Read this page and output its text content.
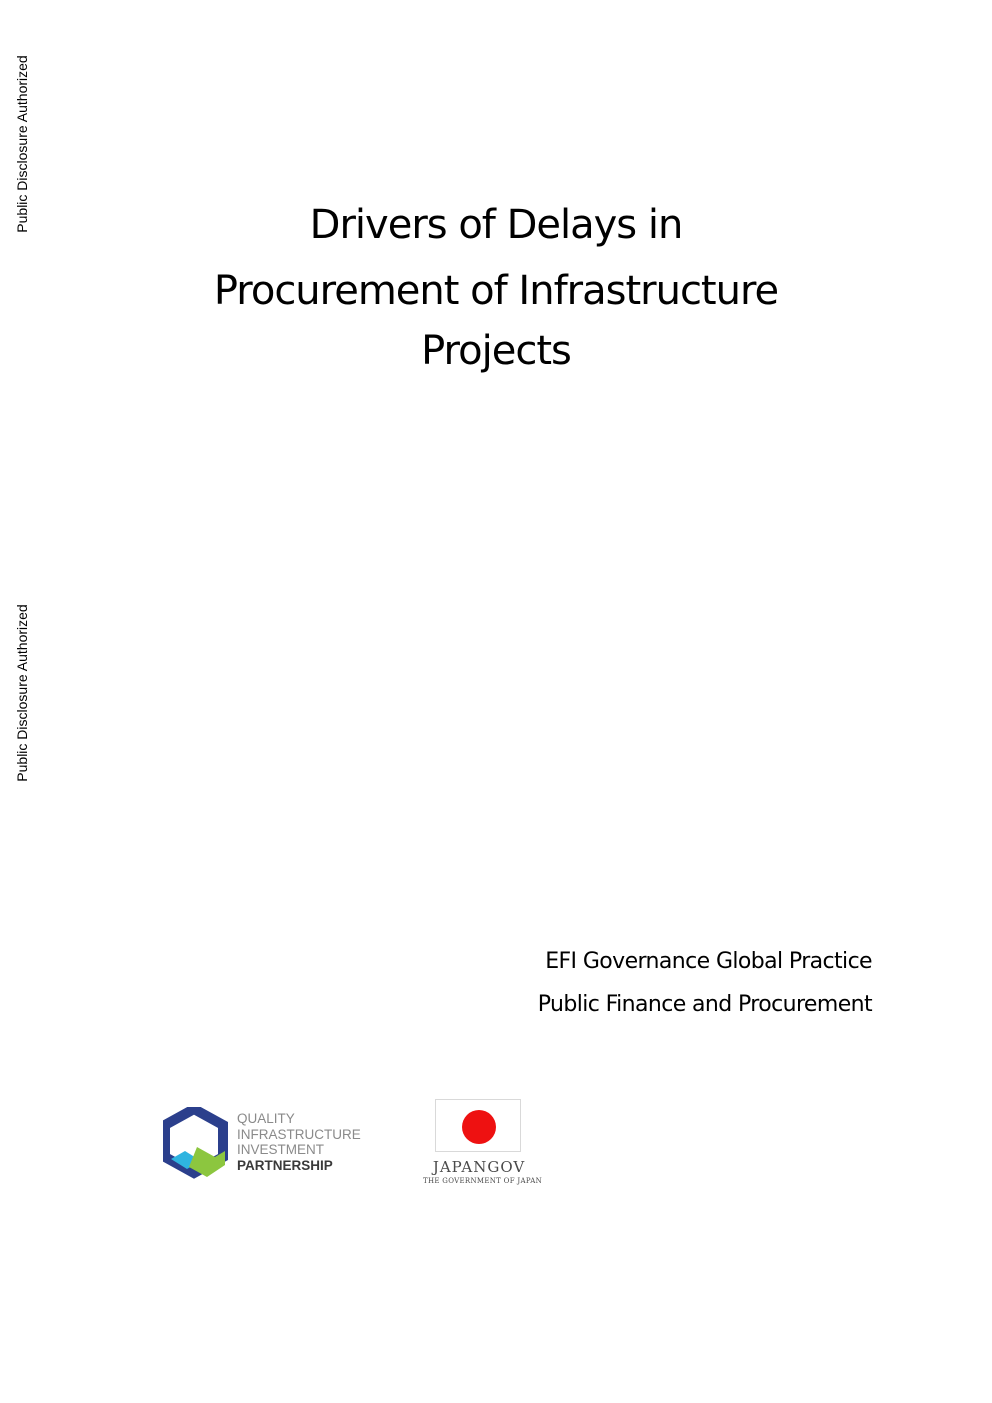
Public Disclosure Authorized
Public Disclosure Authorized
Drivers of Delays in
Procurement of Infrastructure
Projects
EFI Governance Global Practice
Public Finance and Procurement
QUALITY
INFRASTRUCTURE
INVESTMENT
PARTNERSHIP	JAPANGOV
THE GOVERNMENT OF JAPAN
